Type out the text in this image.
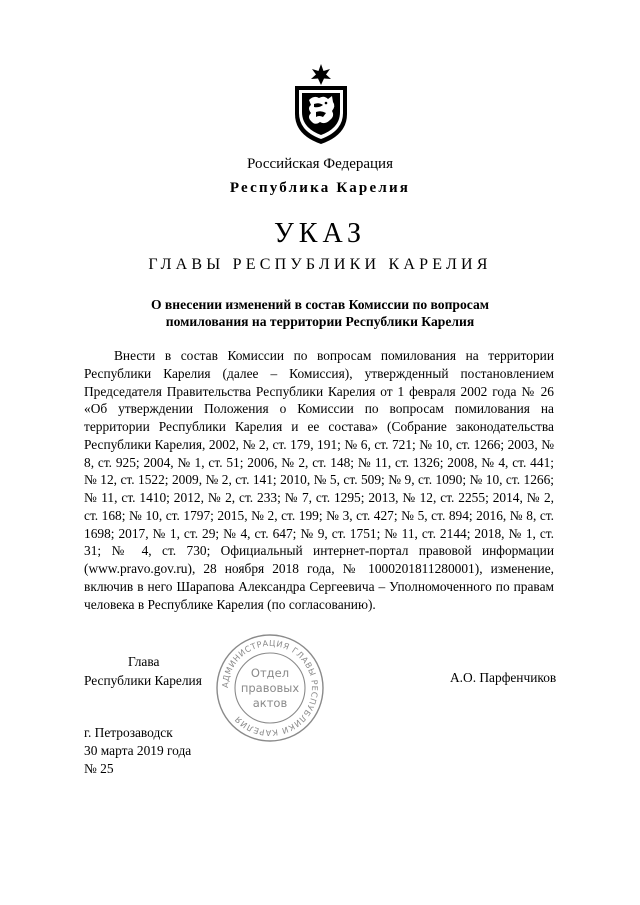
Российская Федерация
Республика Карелия
УКАЗ
ГЛАВЫ РЕСПУБЛИКИ КАРЕЛИЯ
О внесении изменений в состав Комиссии по вопросам
помилования на территории Республики Карелия

Внести в состав Комиссии по вопросам помилования на территории Республики Карелия (далее – Комиссия), утвержденный постановлением Председателя Правительства Республики Карелия от 1 февраля 2002 года № 26 «Об утверждении Положения о Комиссии по вопросам помилования на территории Республики Карелия и ее состава» (Собрание законодательства Республики Карелия, 2002, № 2, ст. 179, 191; № 6, ст. 721; № 10, ст. 1266; 2003, № 8, ст. 925; 2004, № 1, ст. 51; 2006, № 2, ст. 148; № 11, ст. 1326; 2008, № 4, ст. 441; № 12, ст. 1522; 2009, № 2, ст. 141; 2010, № 5, ст. 509; № 9, ст. 1090; № 10, ст. 1266; № 11, ст. 1410; 2012, № 2, ст. 233; № 7, ст. 1295; 2013, № 12, ст. 2255; 2014, № 2, ст. 168; № 10, ст. 1797; 2015, № 2, ст. 199; № 3, ст. 427; № 5, ст. 894; 2016, № 8, ст. 1698; 2017, № 1, ст. 29; № 4, ст. 647; № 9, ст. 1751; № 11, ст. 2144; 2018, № 1, ст. 31; № 4, ст. 730; Официальный интернет-портал правовой информации (www.pravo.gov.ru), 28 ноября 2018 года, № 1000201811280001), изменение, включив в него Шарапова Александра Сергеевича – Уполномоченного по правам человека в Республике Карелия (по согласованию).

Глава
Республики Карелия АДМИНИСТРАЦИЯ ГЛАВЫ РЕСПУБЛИКИ КАРЕЛИЯ
Отдел
правовых
актов
А.О. Парфенчиков
г. Петрозаводск
30 марта 2019 года
№ 25
